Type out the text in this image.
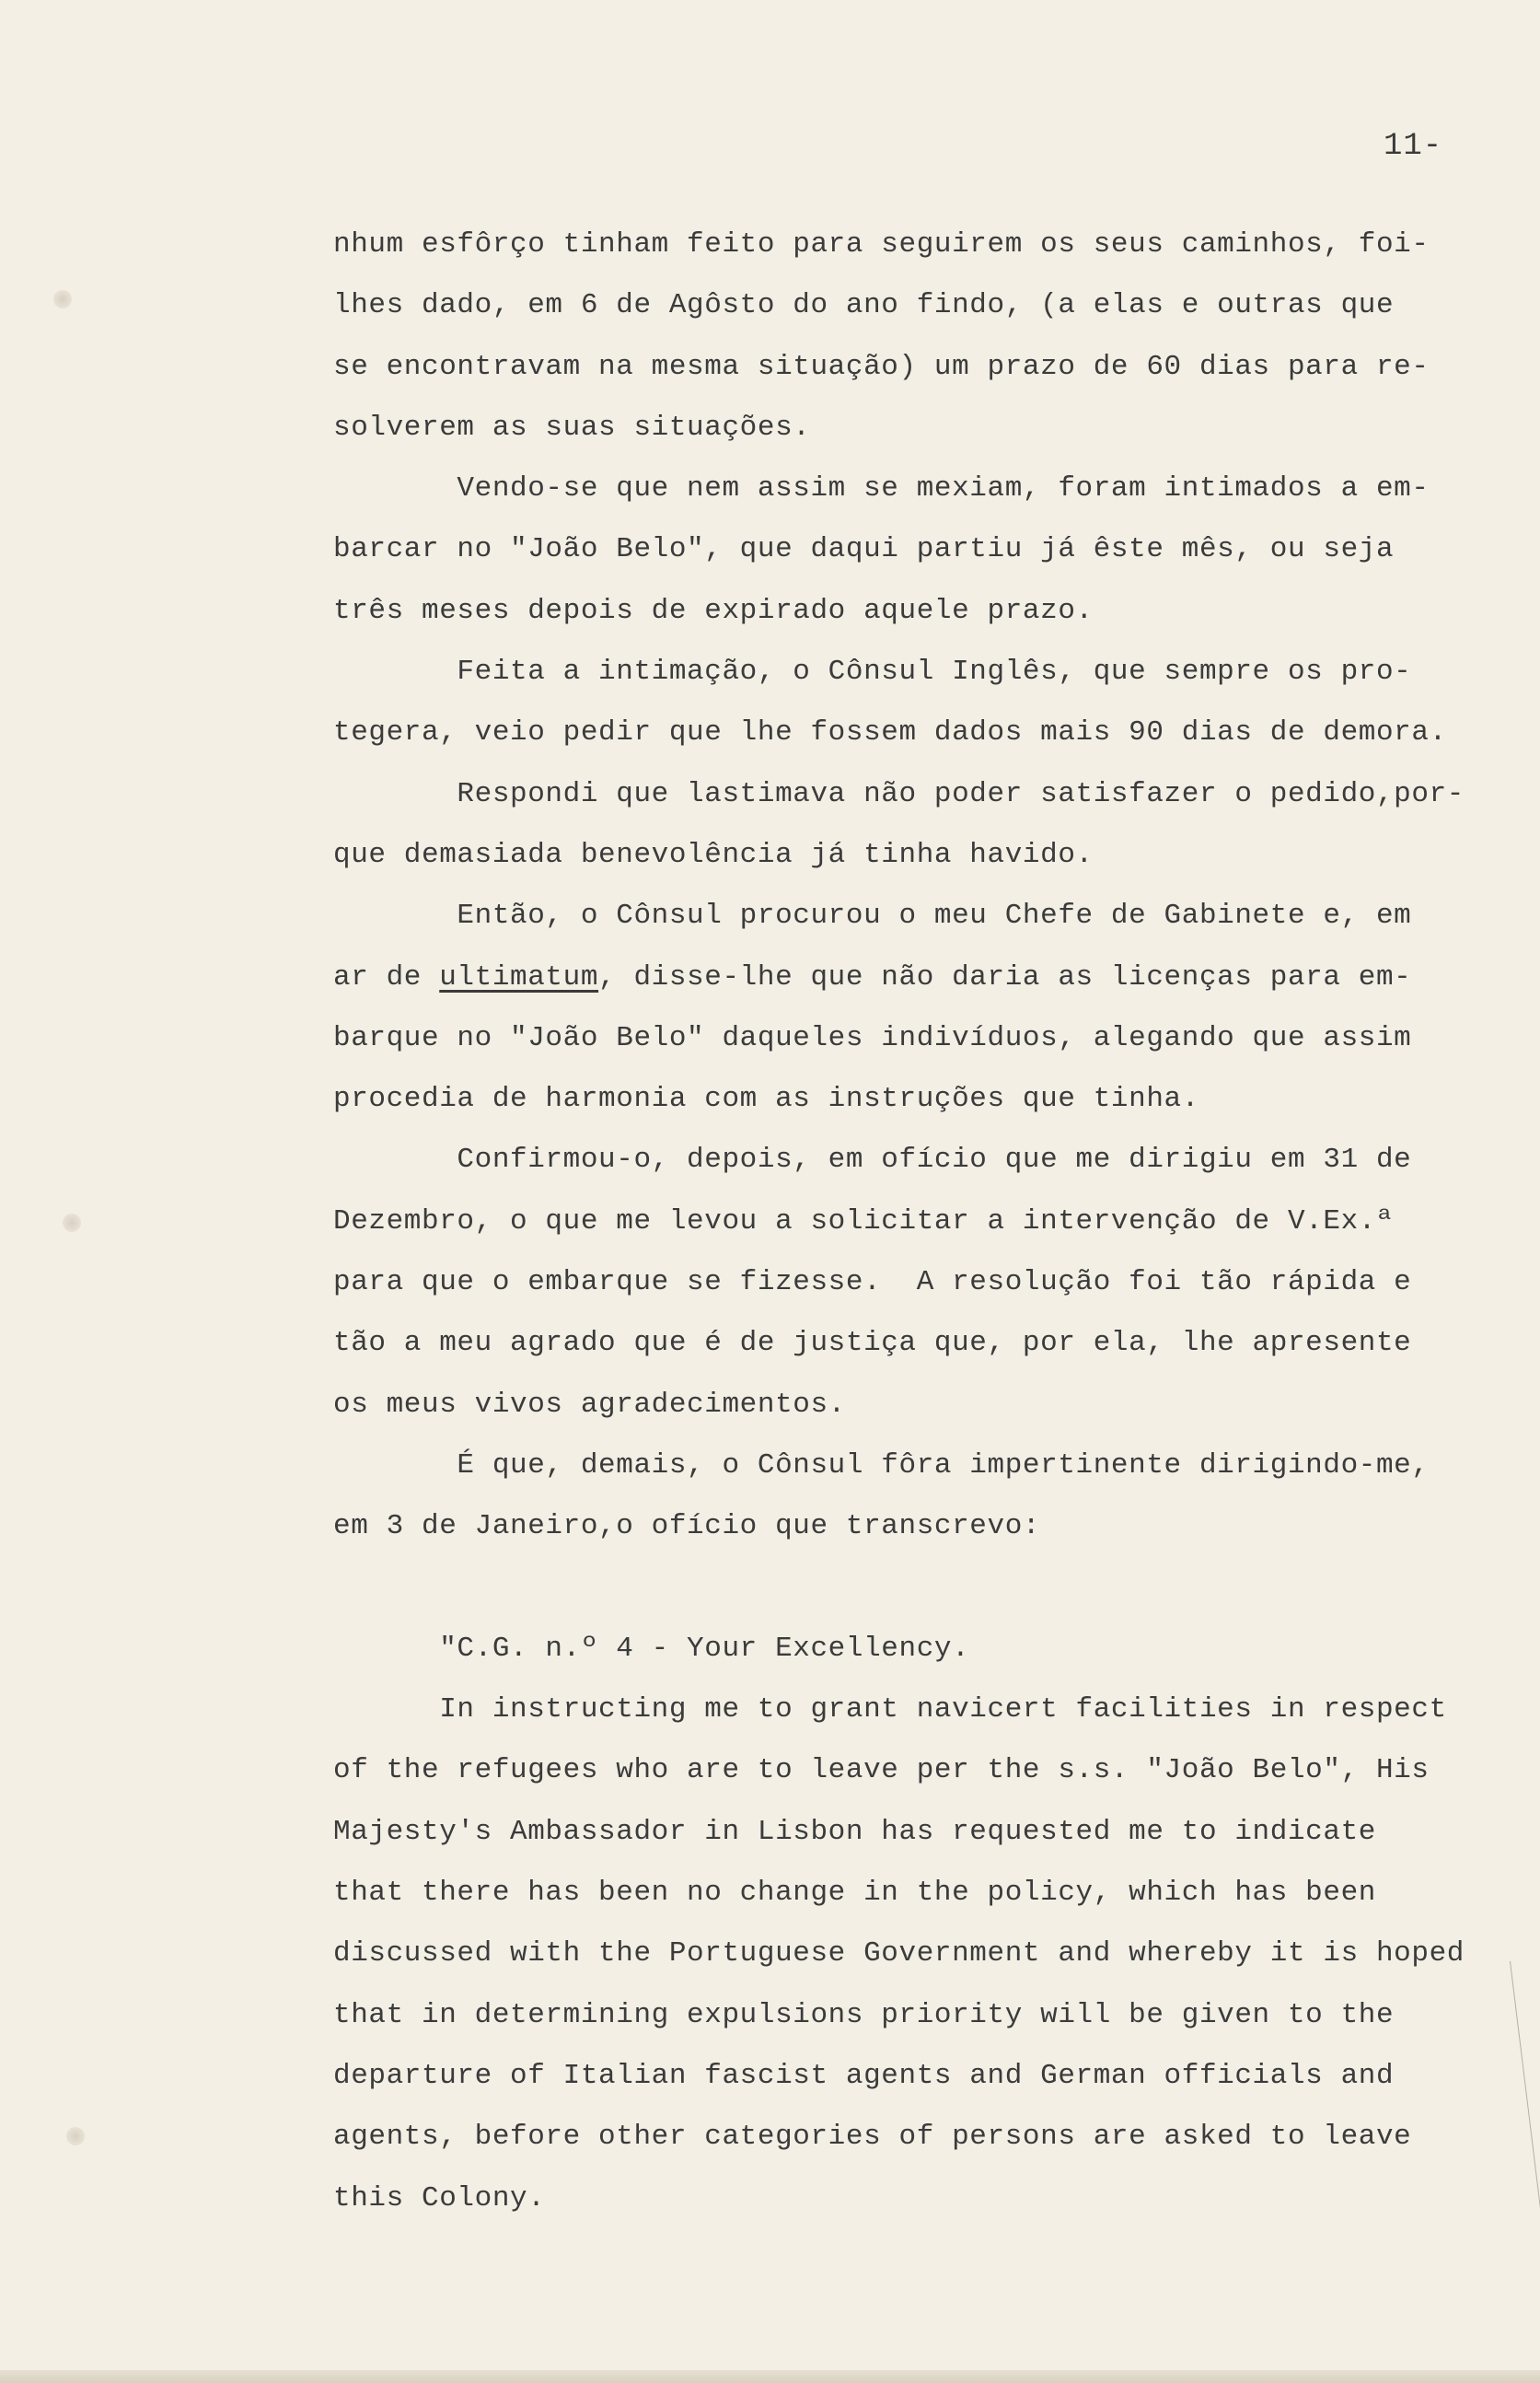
11-
nhum esfôrço tinham feito para seguirem os seus caminhos, foi-
lhes dado, em 6 de Agôsto do ano findo, (a elas e outras que
se encontravam na mesma situação) um prazo de 60 dias para re-
solverem as suas situações.
Vendo-se que nem assim se mexiam, foram intimados a em-
barcar no "João Belo", que daqui partiu já êste mês, ou seja
três meses depois de expirado aquele prazo.
Feita a intimação, o Cônsul Inglês, que sempre os pro-
tegera, veio pedir que lhe fossem dados mais 90 dias de demora.
Respondi que lastimava não poder satisfazer o pedido,por-
que demasiada benevolência já tinha havido.
Então, o Cônsul procurou o meu Chefe de Gabinete e, em
ar de ultimatum, disse-lhe que não daria as licenças para em-
barque no "João Belo" daqueles indivíduos, alegando que assim
procedia de harmonia com as instruções que tinha.
Confirmou-o, depois, em ofício que me dirigiu em 31 de
Dezembro, o que me levou a solicitar a intervenção de V.Ex.ª
para que o embarque se fizesse.  A resolução foi tão rápida e
tão a meu agrado que é de justiça que, por ela, lhe apresente
os meus vivos agradecimentos.
É que, demais, o Cônsul fôra impertinente dirigindo-me,
em 3 de Janeiro,o ofício que transcrevo:
"C.G. n.º 4 - Your Excellency.
In instructing me to grant navicert facilities in respect
of the refugees who are to leave per the s.s. "João Belo", His
Majesty's Ambassador in Lisbon has requested me to indicate
that there has been no change in the policy, which has been
discussed with the Portuguese Government and whereby it is hoped
that in determining expulsions priority will be given to the
departure of Italian fascist agents and German officials and
agents, before other categories of persons are asked to leave
this Colony.
